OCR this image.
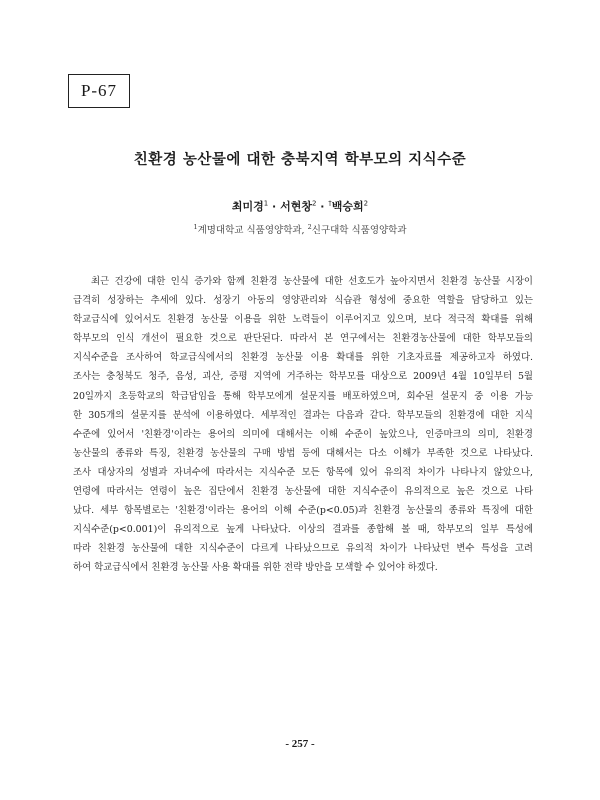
P-67
친환경 농산물에 대한 충북지역 학부모의 지식수준
최미경$^1$ · 서현창$^2$ · †백승희$^2$
$^1$계명대학교 식품영양학과, $^2$신구대학 식품영양학과
최근 건강에 대한 인식 증가와 함께 친환경 농산물에 대한 선호도가 높아지면서 친환경 농산물 시장이
급격히 성장하는 추세에 있다. 성장기 아동의 영양관리와 식습관 형성에 중요한 역할을 담당하고 있는
학교급식에 있어서도 친환경 농산물 이용을 위한 노력들이 이루어지고 있으며, 보다 적극적 확대를 위해
학부모의 인식 개선이 필요한 것으로 판단된다. 따라서 본 연구에서는 친환경농산물에 대한 학부모들의
지식수준을 조사하여 학교급식에서의 친환경 농산물 이용 확대를 위한 기초자료를 제공하고자 하였다.
조사는 충청북도 청주, 음성, 괴산, 증평 지역에 거주하는 학부모를 대상으로 2009년 4월 10일부터 5월
20일까지 초등학교의 학급담임을 통해 학부모에게 설문지를 배포하였으며, 회수된 설문지 중 이용 가능
한 305개의 설문지를 분석에 이용하였다. 세부적인 결과는 다음과 같다. 학부모들의 친환경에 대한 지식
수준에 있어서 '친환경'이라는 용어의 의미에 대해서는 이해 수준이 높았으나, 인증마크의 의미, 친환경
농산물의 종류와 특징, 친환경 농산물의 구매 방법 등에 대해서는 다소 이해가 부족한 것으로 나타났다.
조사 대상자의 성별과 자녀수에 따라서는 지식수준 모든 항목에 있어 유의적 차이가 나타나지 않았으나,
연령에 따라서는 연령이 높은 집단에서 친환경 농산물에 대한 지식수준이 유의적으로 높은 것으로 나타
났다. 세부 항목별로는 '친환경'이라는 용어의 이해 수준(p<0.05)과 친환경 농산물의 종류와 특징에 대한
지식수준(p<0.001)이 유의적으로 높게 나타났다. 이상의 결과를 종합해 볼 때, 학부모의 일부 특성에
따라 친환경 농산물에 대한 지식수준이 다르게 나타났으므로 유의적 차이가 나타났던 변수 특성을 고려
하여 학교급식에서 친환경 농산물 사용 확대를 위한 전략 방안을 모색할 수 있어야 하겠다.
- 257 -
